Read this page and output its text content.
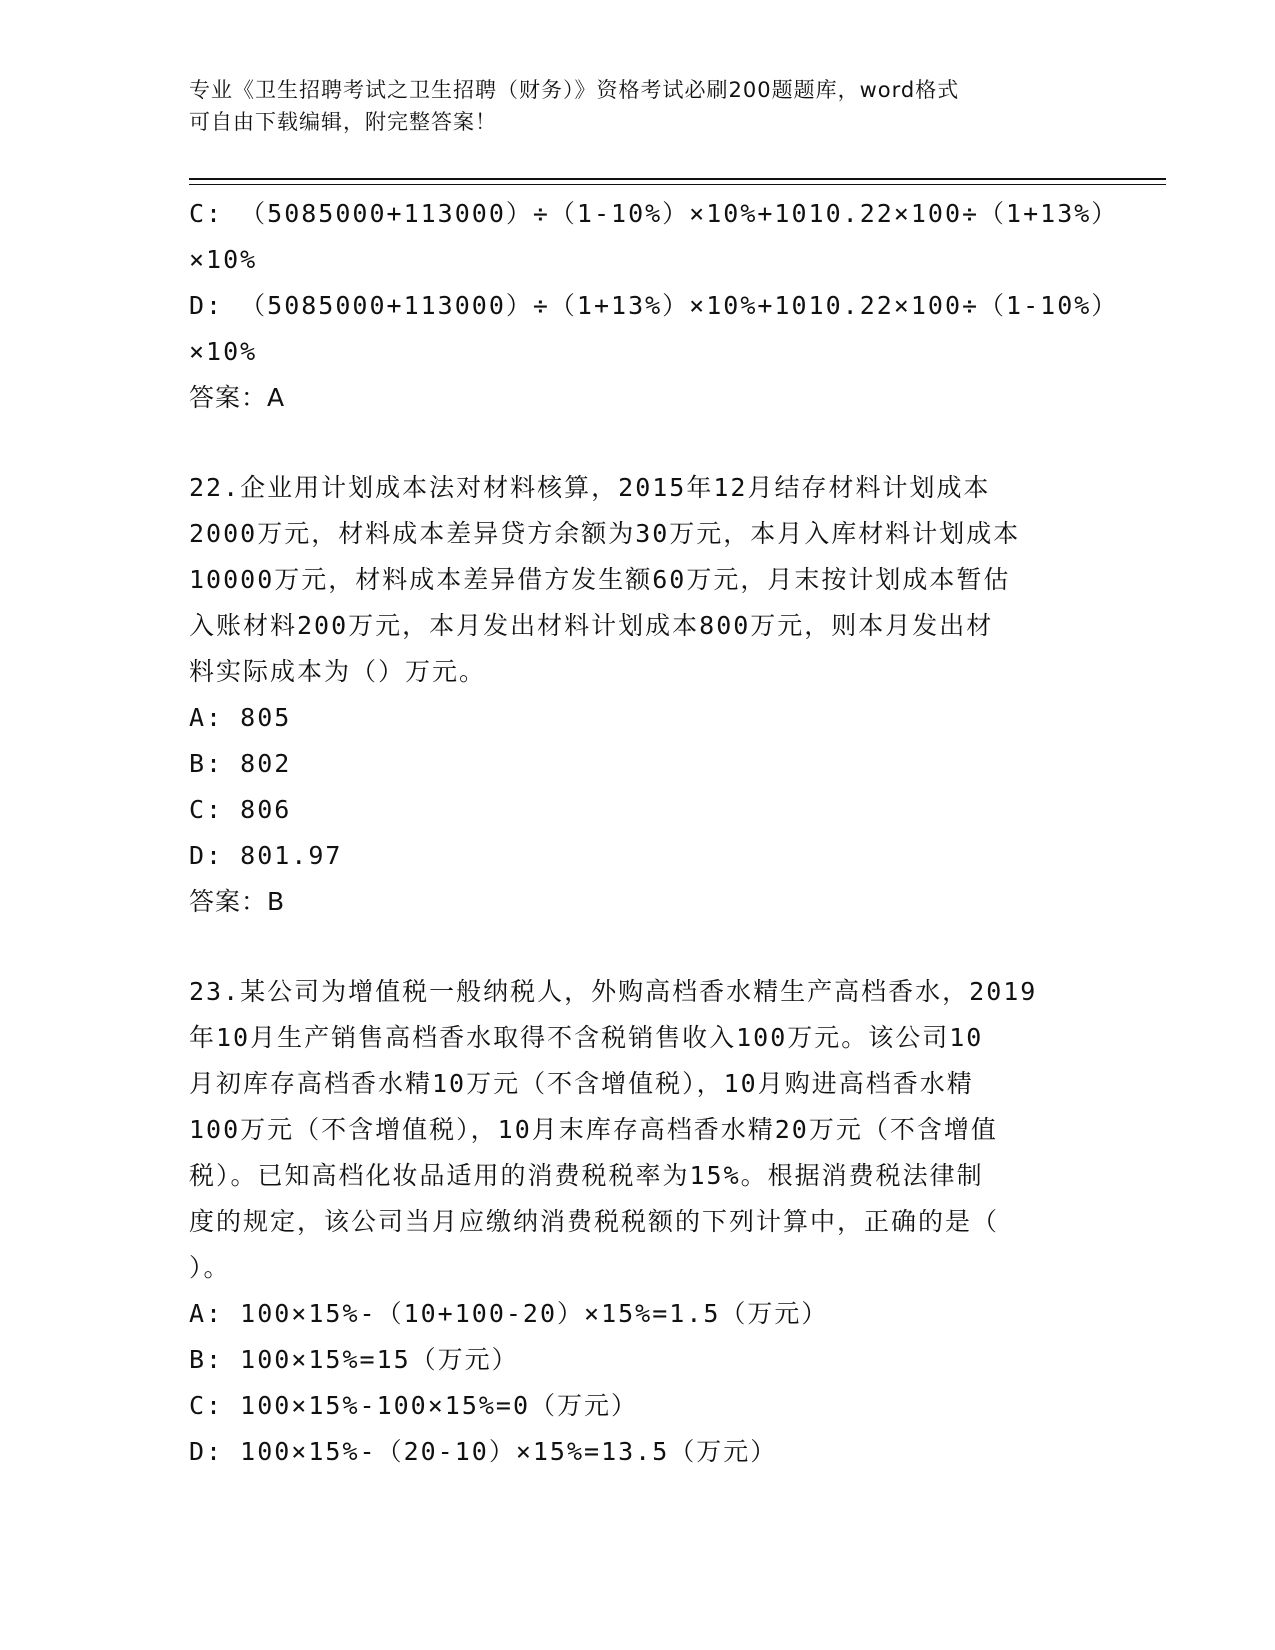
专业《卫生招聘考试之卫生招聘（财务）》资格考试必刷200题题库，word格式
可自由下载编辑，附完整答案！
C: （5085000+113000）÷（1-10%）×10%+1010.22×100÷（1+13%）
×10%
D: （5085000+113000）÷（1+13%）×10%+1010.22×100÷（1-10%）
×10%
答案：A
22.企业用计划成本法对材料核算，2015年12月结存材料计划成本
2000万元，材料成本差异贷方余额为30万元，本月入库材料计划成本
10000万元，材料成本差异借方发生额60万元，月末按计划成本暂估
入账材料200万元，本月发出材料计划成本800万元，则本月发出材
料实际成本为（）万元。
A: 805
B: 802
C: 806
D: 801.97
答案：B
23.某公司为增值税一般纳税人，外购高档香水精生产高档香水，2019
年10月生产销售高档香水取得不含税销售收入100万元。该公司10
月初库存高档香水精10万元（不含增值税），10月购进高档香水精
100万元（不含增值税），10月末库存高档香水精20万元（不含增值
税）。已知高档化妆品适用的消费税税率为15%。根据消费税法律制
度的规定，该公司当月应缴纳消费税税额的下列计算中，正确的是（
）。
A: 100×15%-（10+100-20）×15%=1.5（万元）
B: 100×15%=15（万元）
C: 100×15%-100×15%=0（万元）
D: 100×15%-（20-10）×15%=13.5（万元）
